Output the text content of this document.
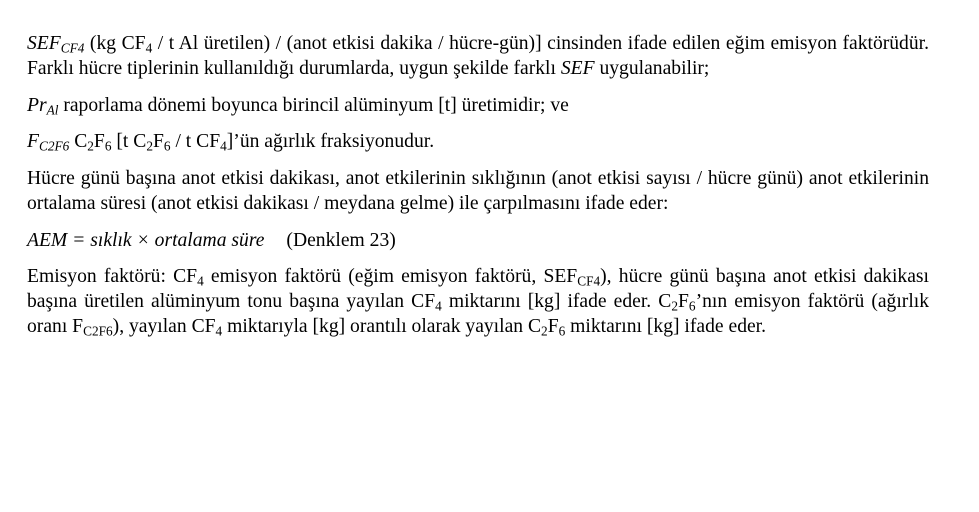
$SEF_{CF4}$ (kg $CF_4$ / t Al üretilen) / (anot etkisi dakika / hücre-gün)] cinsinden ifade edilen eğim emisyon faktörüdür. Farklı hücre tiplerinin kullanıldığı durumlarda, uygun şekilde farklı SEF uygulanabilir;

$Pr_{Al}$ raporlama dönemi boyunca birincil alüminyum [t] üretimidir; ve

$F_{C2F6}$ $C_2F_6$ [t $C_2F_6$ / t $CF_4]’ün$ ağırlık fraksiyonudur.

Hücre günü başına anot etkisi dakikası, anot etkilerinin sıklığının (anot etkisi sayısı / hücre günü) anot etkilerinin ortalama süresi (anot etkisi dakikası / meydana gelme) ile çarpılmasını ifade eder:

AEM = sıklık × ortalama süre (Denklem 23)

Emisyon faktörü: $CF_4$ emisyon faktörü (eğim emisyon faktörü, $SEF_{CF4}$), hücre günü başına anot etkisi dakikası başına üretilen alüminyum tonu başına yayılan $CF_4$ miktarını [kg] ifade eder. $C_2F_6’nın$ emisyon faktörü (ağırlık oranı $F_{C2F6}$), yayılan $CF_4$ miktarıyla [kg] orantılı olarak yayılan $C_2F_6$ miktarını [kg] ifade eder.
